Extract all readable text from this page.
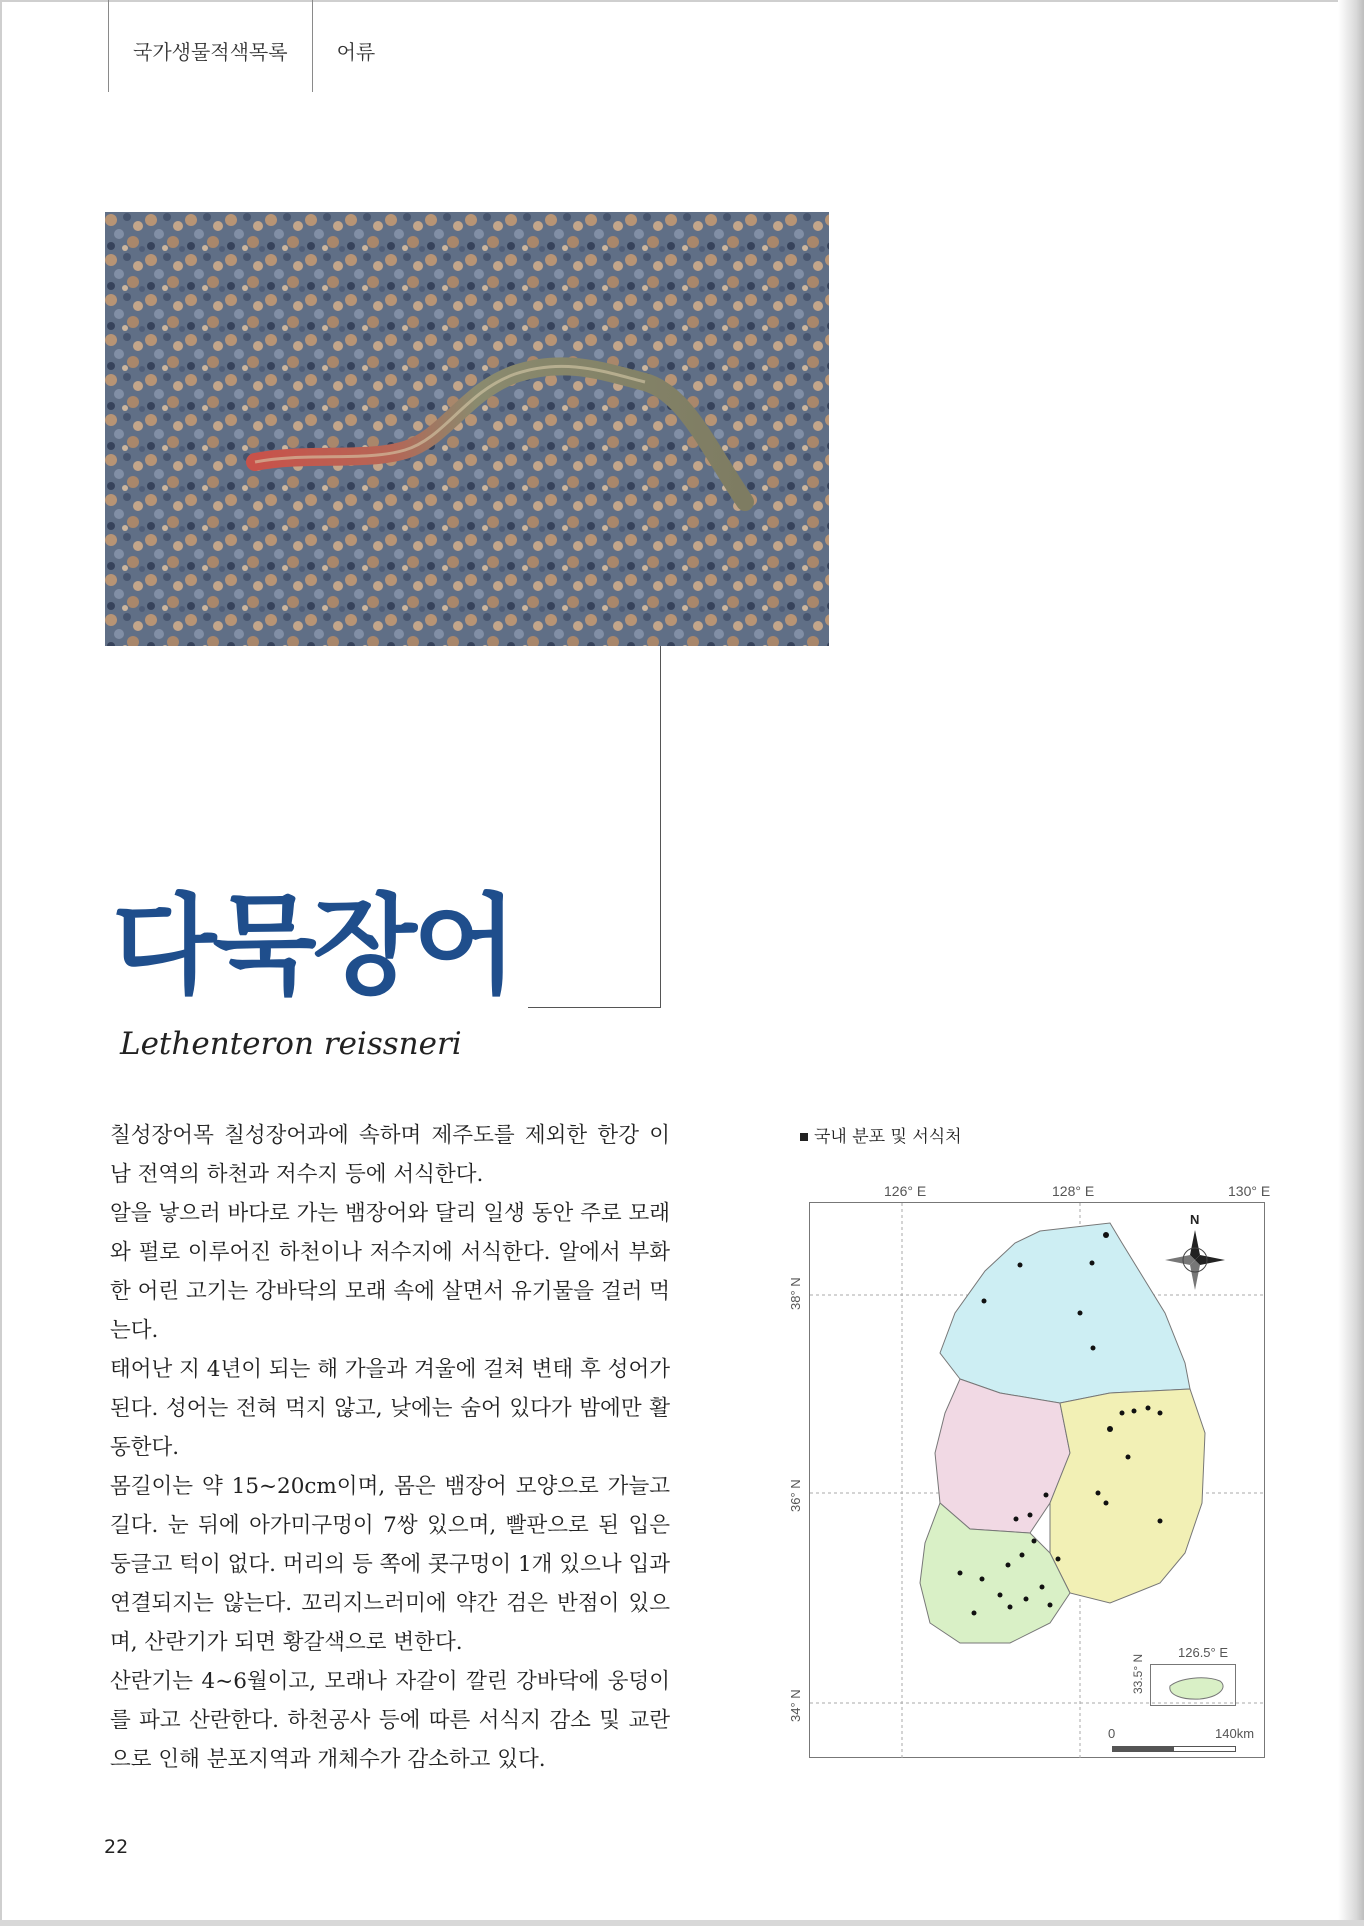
국가생물적색목록	어류
다묵장어
Lethenteron reissneri

칠성장어목 칠성장어과에 속하며 제주도를 제외한 한강 이남 전역의 하천과 저수지 등에 서식한다.

알을 낳으러 바다로 가는 뱀장어와 달리 일생 동안 주로 모래와 펄로 이루어진 하천이나 저수지에 서식한다. 알에서 부화한 어린 고기는 강바닥의 모래 속에 살면서 유기물을 걸러 먹는다.

태어난 지 4년이 되는 해 가을과 겨울에 걸쳐 변태 후 성어가 된다. 성어는 전혀 먹지 않고, 낮에는 숨어 있다가 밤에만 활동한다.

몸길이는 약 15~20cm이며, 몸은 뱀장어 모양으로 가늘고 길다. 눈 뒤에 아가미구멍이 7쌍 있으며, 빨판으로 된 입은 둥글고 턱이 없다. 머리의 등 쪽에 콧구멍이 1개 있으나 입과 연결되지는 않는다. 꼬리지느러미에 약간 검은 반점이 있으며, 산란기가 되면 황갈색으로 변한다.

산란기는 4~6월이고, 모래나 자갈이 깔린 강바닥에 웅덩이를 파고 산란한다. 하천공사 등에 따른 서식지 감소 및 교란으로 인해 분포지역과 개체수가 감소하고 있다.

국내 분포 및 서식처
126° E	128° E	130° E
38° N
36° N
34° N
N
126.5° E
33.5° N
0	140km
22
